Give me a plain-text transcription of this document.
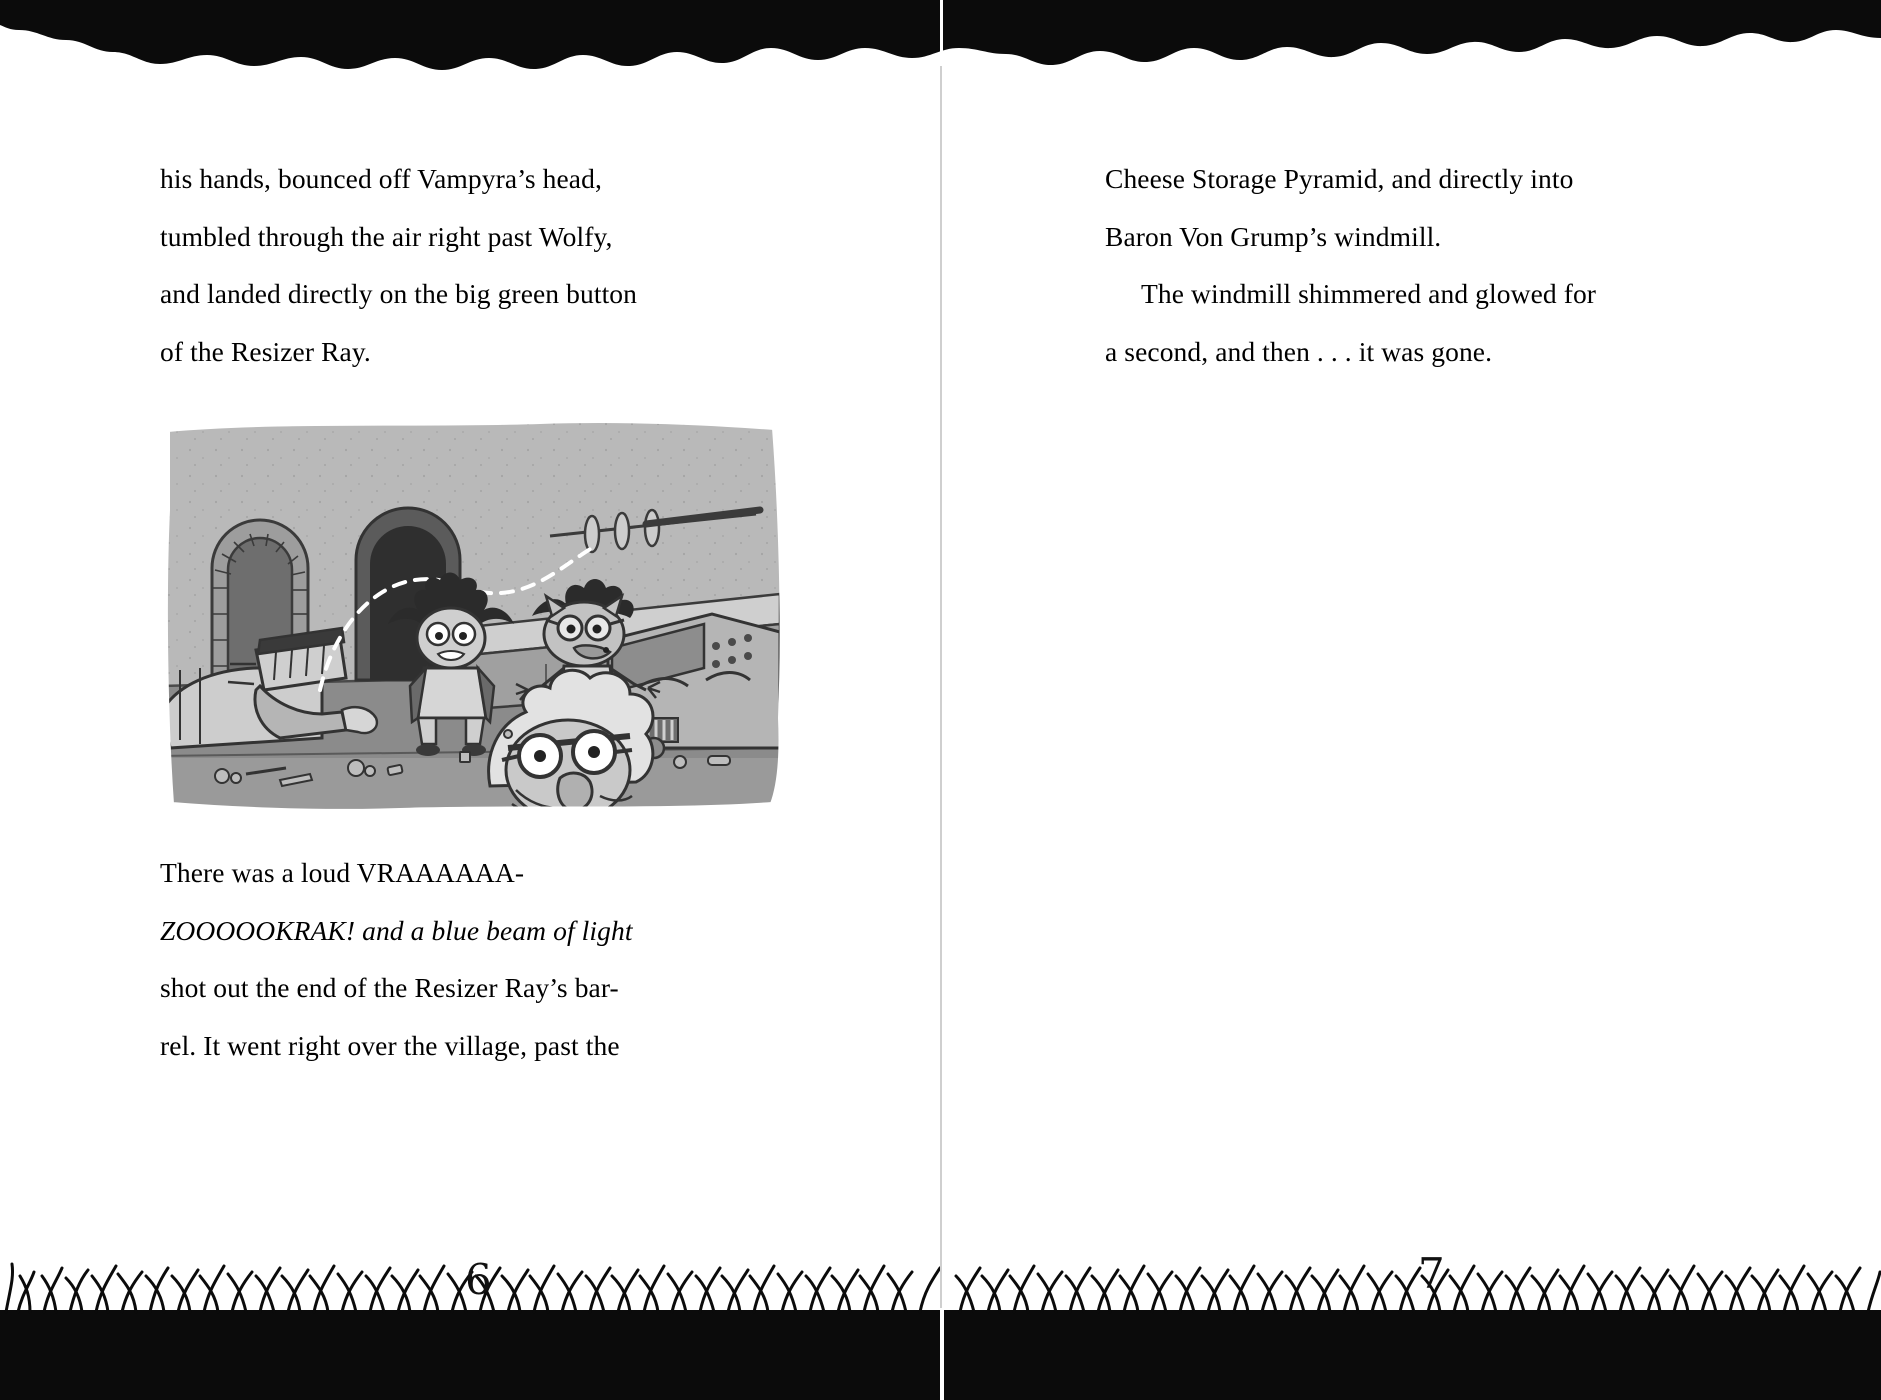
his hands, bounced off Vampyra’s head,
tumbled through the air right past Wolfy,
and landed directly on the big green button
of the Resizer Ray.

There was a loud VRAAAAAA-
ZOOOOOKRAK! and a blue beam of light
shot out the end of the Resizer Ray’s bar-
rel. It went right over the village, past the

Cheese Storage Pyramid, and directly into
Baron Von Grump’s windmill.

The windmill shimmered and glowed for
a second, and then . . . it was gone.

6	7
